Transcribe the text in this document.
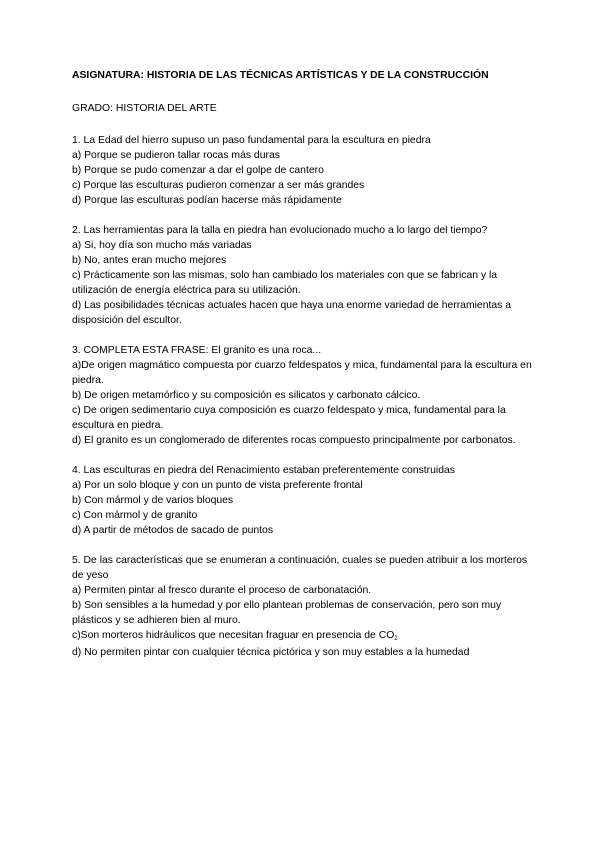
ASIGNATURA: HISTORIA DE LAS TÉCNICAS ARTÍSTICAS Y DE LA CONSTRUCCIÓN
GRADO: HISTORIA DEL ARTE
1. La Edad del hierro supuso un paso fundamental para la escultura en piedra
a) Porque se pudieron tallar rocas más duras
b) Porque se pudo comenzar a dar el golpe de cantero
c) Porque las esculturas pudieron comenzar a ser más grandes
d) Porque las esculturas podían hacerse más rápidamente
2. Las herramientas para la talla en piedra han evolucionado mucho a lo largo del tiempo?
a) Si, hoy día son mucho más variadas
b) No, antes eran mucho mejores
c) Prácticamente son las mismas, solo han cambiado los materiales con que se fabrican y la utilización de energía eléctrica para su utilización.
d) Las posibilidades técnicas actuales hacen que haya una enorme variedad de herramientas a disposición del escultor.
3. COMPLETA ESTA FRASE: El granito es una roca...
a)De origen magmático compuesta por cuarzo feldespatos y mica, fundamental para la escultura en piedra.
b) De origen metamórfico y su composición es silicatos y carbonato cálcico.
c) De origen sedimentario cuya composición es cuarzo feldespato y mica, fundamental para la escultura en piedra.
d) El granito es un conglomerado de diferentes rocas compuesto principalmente por carbonatos.
4. Las esculturas en piedra del Renacimiento estaban preferentemente construidas
a) Por un solo bloque y con un punto de vista preferente frontal
b) Con mármol y de varios bloques
c) Con mármol y de granito
d) A partir de métodos de sacado de puntos
5. De las características que se enumeran a continuación, cuales se pueden atribuir a los morteros de yeso
a) Permiten pintar al fresco durante el proceso de carbonatación.
b) Son sensibles a la humedad y por ello plantean problemas de conservación, pero son muy plásticos y se adhieren bien al muro.
c)Son morteros hidráulicos que necesitan fraguar en presencia de $CO_2$
d) No permiten pintar con cualquier técnica pictórica y son muy estables a la humedad
